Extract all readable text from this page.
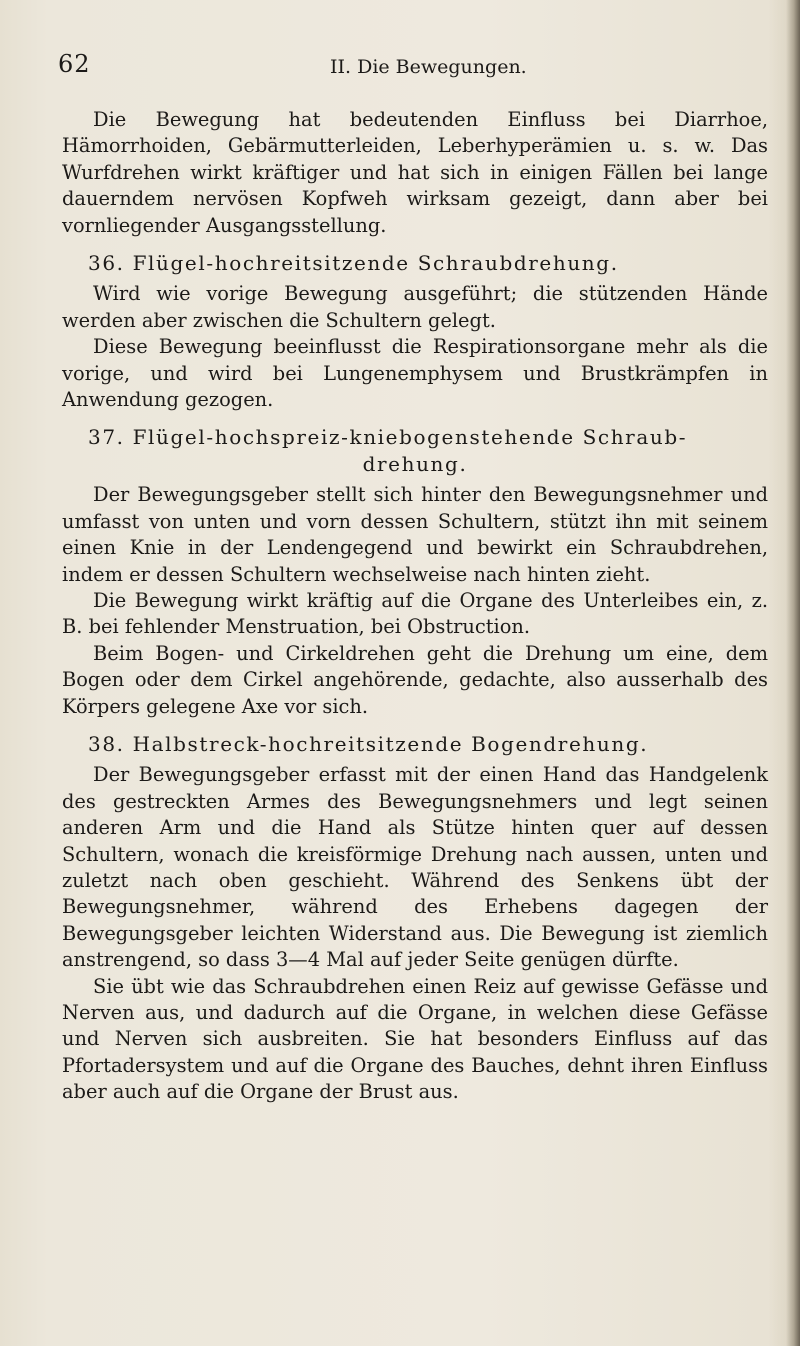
62	II. Die Bewegungen.

Die Bewegung hat bedeutenden Einfluss bei Diarrhoe, Hämorrhoiden, Gebärmutterleiden, Leberhyperämien u. s. w. Das Wurfdrehen wirkt kräftiger und hat sich in einigen Fällen bei lange dauerndem nervösen Kopfweh wirksam gezeigt, dann aber bei vornliegender Ausgangsstellung.

36. Flügel-hochreitsitzende Schraubdrehung.

Wird wie vorige Bewegung ausgeführt; die stützenden Hände werden aber zwischen die Schultern gelegt.

Diese Bewegung beeinflusst die Respirationsorgane mehr als die vorige, und wird bei Lungenemphysem und Brustkrämpfen in Anwendung gezogen.

37. Flügel-hochspreiz-kniebogenstehende Schraub-
drehung.

Der Bewegungsgeber stellt sich hinter den Bewegungsnehmer und umfasst von unten und vorn dessen Schultern, stützt ihn mit seinem einen Knie in der Lendengegend und bewirkt ein Schraubdrehen, indem er dessen Schultern wechselweise nach hinten zieht.

Die Bewegung wirkt kräftig auf die Organe des Unterleibes ein, z. B. bei fehlender Menstruation, bei Obstruction.

Beim Bogen- und Cirkeldrehen geht die Drehung um eine, dem Bogen oder dem Cirkel angehörende, gedachte, also ausserhalb des Körpers gelegene Axe vor sich.

38. Halbstreck-hochreitsitzende Bogendrehung.

Der Bewegungsgeber erfasst mit der einen Hand das Handgelenk des gestreckten Armes des Bewegungsnehmers und legt seinen anderen Arm und die Hand als Stütze hinten quer auf dessen Schultern, wonach die kreisförmige Drehung nach aussen, unten und zuletzt nach oben geschieht. Während des Senkens übt der Bewegungsnehmer, während des Erhebens dagegen der Bewegungsgeber leichten Widerstand aus. Die Bewegung ist ziemlich anstrengend, so dass 3—4 Mal auf jeder Seite genügen dürfte.

Sie übt wie das Schraubdrehen einen Reiz auf gewisse Gefässe und Nerven aus, und dadurch auf die Organe, in welchen diese Gefässe und Nerven sich ausbreiten. Sie hat besonders Einfluss auf das Pfortadersystem und auf die Organe des Bauches, dehnt ihren Einfluss aber auch auf die Organe der Brust aus.
